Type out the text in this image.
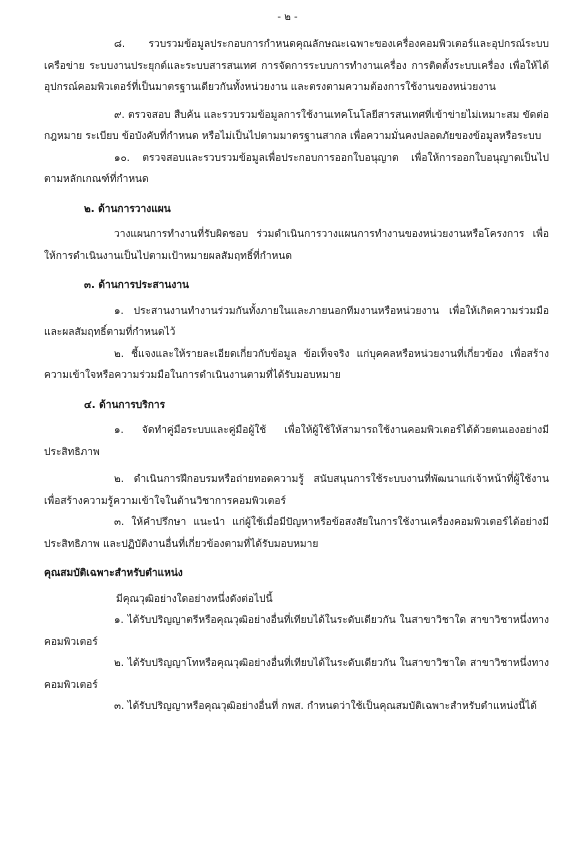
- ๒ -

๘. รวบรวมข้อมูลประกอบการกำหนดคุณลักษณะเฉพาะของเครื่องคอมพิวเตอร์และอุปกรณ์ระบบเครือข่าย ระบบงานประยุกต์และระบบสารสนเทศ การจัดการระบบการทำงานเครื่อง การติดตั้งระบบเครื่อง เพื่อให้ได้อุปกรณ์คอมพิวเตอร์ที่เป็นมาตรฐานเดียวกันทั้งหน่วยงาน และตรงตามความต้องการใช้งานของหน่วยงาน

๙. ตรวจสอบ สืบค้น และรวบรวมข้อมูลการใช้งานเทคโนโลยีสารสนเทศที่เข้าข่ายไม่เหมาะสม ขัดต่อกฎหมาย ระเบียบ ข้อบังคับที่กำหนด หรือไม่เป็นไปตามมาตรฐานสากล เพื่อความมั่นคงปลอดภัยของข้อมูลหรือระบบ

๑๐. ตรวจสอบและรวบรวมข้อมูลเพื่อประกอบการออกใบอนุญาต เพื่อให้การออกใบอนุญาตเป็นไปตามหลักเกณฑ์ที่กำหนด

๒. ด้านการวางแผน

วางแผนการทำงานที่รับผิดชอบ ร่วมดำเนินการวางแผนการทำงานของหน่วยงานหรือโครงการ เพื่อให้การดำเนินงานเป็นไปตามเป้าหมายผลสัมฤทธิ์ที่กำหนด

๓. ด้านการประสานงาน

๑. ประสานงานทำงานร่วมกันทั้งภายในและภายนอกทีมงานหรือหน่วยงาน เพื่อให้เกิดความร่วมมือและผลสัมฤทธิ์ตามที่กำหนดไว้

๒. ชี้แจงและให้รายละเอียดเกี่ยวกับข้อมูล ข้อเท็จจริง แก่บุคคลหรือหน่วยงานที่เกี่ยวข้อง เพื่อสร้างความเข้าใจหรือความร่วมมือในการดำเนินงานตามที่ได้รับมอบหมาย

๔. ด้านการบริการ

๑. จัดทำคู่มือระบบและคู่มือผู้ใช้ เพื่อให้ผู้ใช้ให้สามารถใช้งานคอมพิวเตอร์ได้ด้วยตนเองอย่างมีประสิทธิภาพ

๒. ดำเนินการฝึกอบรมหรือถ่ายทอดความรู้ สนับสนุนการใช้ระบบงานที่พัฒนาแก่เจ้าหน้าที่ผู้ใช้งาน เพื่อสร้างความรู้ความเข้าใจในด้านวิชาการคอมพิวเตอร์

๓. ให้คำปรึกษา แนะนำ แก่ผู้ใช้เมื่อมีปัญหาหรือข้อสงสัยในการใช้งานเครื่องคอมพิวเตอร์ได้อย่างมีประสิทธิภาพ และปฏิบัติงานอื่นที่เกี่ยวข้องตามที่ได้รับมอบหมาย

คุณสมบัติเฉพาะสำหรับตำแหน่ง

มีคุณวุฒิอย่างใดอย่างหนึ่งดังต่อไปนี้

๑. ได้รับปริญญาตรีหรือคุณวุฒิอย่างอื่นที่เทียบได้ในระดับเดียวกัน ในสาขาวิชาใด สาขาวิชาหนึ่งทางคอมพิวเตอร์

๒. ได้รับปริญญาโทหรือคุณวุฒิอย่างอื่นที่เทียบได้ในระดับเดียวกัน ในสาขาวิชาใด สาขาวิชาหนึ่งทางคอมพิวเตอร์

๓. ได้รับปริญญาหรือคุณวุฒิอย่างอื่นที่ กพส. กำหนดว่าใช้เป็นคุณสมบัติเฉพาะสำหรับตำแหน่งนี้ได้
